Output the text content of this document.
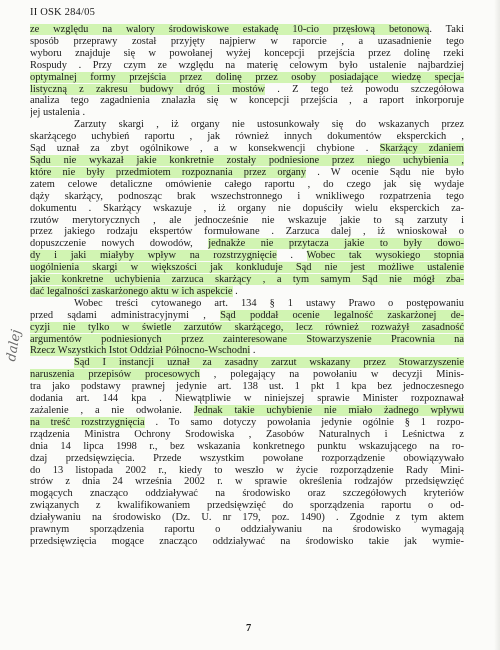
II OSK 284/05
dalej
ze względu na walory środowiskowe estakadę 10-cio przęsłową betonową. Taki
sposób przeprawy został przyjęty najpierw w raporcie , a uzasadnienie tego
wyboru znajduje się w powołanej wyżej koncepcji przejścia przez dolinę rzeki
Rospudy . Przy czym ze względu na materię celowym było ustalenie najbardziej
optymalnej formy przejścia przez dolinę przez osoby posiadające wiedzę specja-
listyczną z zakresu budowy dróg i mostów . Z tego też powodu szczegółowa
analiza tego zagadnienia znalazła się w koncepcji przejścia , a raport inkorporuje
jej ustalenia .
Zarzuty skargi , iż organy nie ustosunkowały się do wskazanych przez
skarżącego uchybień raportu , jak również innych dokumentów eksperckich ,
Sąd uznał za zbyt ogólnikowe , a w konsekwencji chybione . Skarżący zdaniem
Sądu nie wykazał jakie konkretnie zostały podniesione przez niego uchybienia ,
które nie były przedmiotem rozpoznania przez organy . W ocenie Sądu nie było
zatem celowe detaliczne omówienie całego raportu , do czego jak się wydaje
dąży skarżący, podnosząc brak wszechstronnego i wnikliwego rozpatrzenia tego
dokumentu . Skarżący wskazuje , iż organy nie dopuściły wielu eksperckich za-
rzutów merytorycznych , ale jednocześnie nie wskazuje jakie to są zarzuty i
przez jakiego rodzaju ekspertów formułowane . Zarzuca dalej , iż wnioskował o
dopuszczenie nowych dowodów, jednakże nie przytacza jakie to były dowo-
dy i jaki miałyby wpływ na rozstrzygnięcie . Wobec tak wysokiego stopnia
uogólnienia skargi w większości jak konkluduje Sąd nie jest możliwe ustalenie
jakie konkretne uchybienia zarzuca skarżący , a tym samym Sąd nie mógł zba-
dać legalności zaskarżonego aktu w ich aspekcie .
Wobec treści cytowanego art. 134 § 1 ustawy Prawo o postępowaniu
przed sądami administracyjnymi , Sąd poddał ocenie legalność zaskarżonej de-
cyzji nie tylko w świetle zarzutów skarżącego, lecz również rozważył zasadność
argumentów podniesionych przez zainteresowane Stowarzyszenie Pracownia na
Rzecz Wszystkich Istot Oddział Północno-Wschodni .
Sąd I instancji uznał za zasadny zarzut wskazany przez Stowarzyszenie
naruszenia przepisów procesowych , polegający na powołaniu w decyzji Minis-
tra jako podstawy prawnej jedynie art. 138 ust. 1 pkt 1 kpa bez jednoczesnego
dodania art. 144 kpa . Niewątpliwie w niniejszej sprawie Minister rozpoznawał
zażalenie , a nie odwołanie. Jednak takie uchybienie nie miało żadnego wpływu
na treść rozstrzygnięcia . To samo dotyczy powołania jedynie ogólnie § 1 rozpo-
rządzenia Ministra Ochrony Środowiska , Zasobów Naturalnych i Leśnictwa z
dnia 14 lipca 1998 r., bez wskazania konkretnego punktu wskazującego na ro-
dzaj przedsięwzięcia. Przede wszystkim powołane rozporządzenie obowiązywało
do 13 listopada 2002 r., kiedy to weszło w życie rozporządzenie Rady Mini-
strów z dnia 24 września 2002 r. w sprawie określenia rodzajów przedsięwzięć
mogących znacząco oddziaływać na środowisko oraz szczegółowych kryteriów
związanych z kwalifikowaniem przedsięwzięć do sporządzenia raportu o od-
działywaniu na środowisko (Dz. U. nr 179, poz. 1490) . Zgodnie z tym aktem
prawnym sporządzenia raportu o oddziaływaniu na środowisko wymagają
przedsięwzięcia mogące znacząco oddziaływać na środowisko takie jak wymie-
7
